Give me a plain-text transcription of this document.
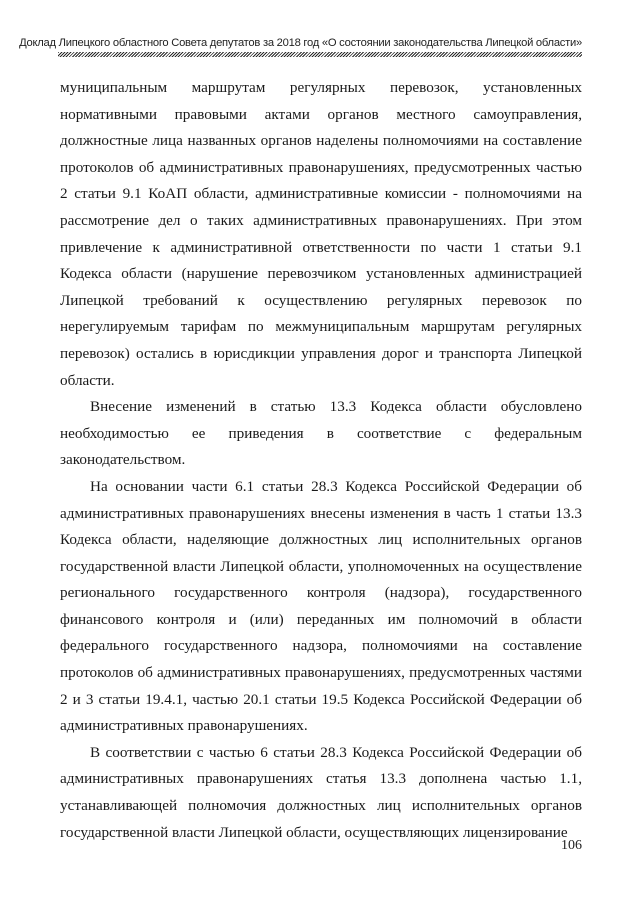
Доклад Липецкого областного Совета депутатов за 2018 год «О состоянии законодательства Липецкой области»

муниципальным маршрутам регулярных перевозок, установленных нормативными правовыми актами органов местного самоуправления, должностные лица названных органов наделены полномочиями на составление протоколов об административных правонарушениях, предусмотренных частью 2 статьи 9.1 КоАП области, административные комиссии - полномочиями на рассмотрение дел о таких административных правонарушениях. При этом привлечение к административной ответственности по части 1 статьи 9.1 Кодекса области (нарушение перевозчиком установленных администрацией Липецкой требований к осуществлению регулярных перевозок по нерегулируемым тарифам по межмуниципальным маршрутам регулярных перевозок) остались в юрисдикции управления дорог и транспорта Липецкой области.

Внесение изменений в статью 13.3 Кодекса области обусловлено необходимостью ее приведения в соответствие с федеральным законодательством.

На основании части 6.1 статьи 28.3 Кодекса Российской Федерации об административных правонарушениях внесены изменения в часть 1 статьи 13.3 Кодекса области, наделяющие должностных лиц исполнительных органов государственной власти Липецкой области, уполномоченных на осуществление регионального государственного контроля (надзора), государственного финансового контроля и (или) переданных им полномочий в области федерального государственного надзора, полномочиями на составление протоколов об административных правонарушениях, предусмотренных частями 2 и 3 статьи 19.4.1, частью 20.1 статьи 19.5 Кодекса Российской Федерации об административных правонарушениях.

В соответствии с частью 6 статьи 28.3 Кодекса Российской Федерации об административных правонарушениях статья 13.3 дополнена частью 1.1, устанавливающей полномочия должностных лиц исполнительных органов государственной власти Липецкой области, осуществляющих лицензирование

106
